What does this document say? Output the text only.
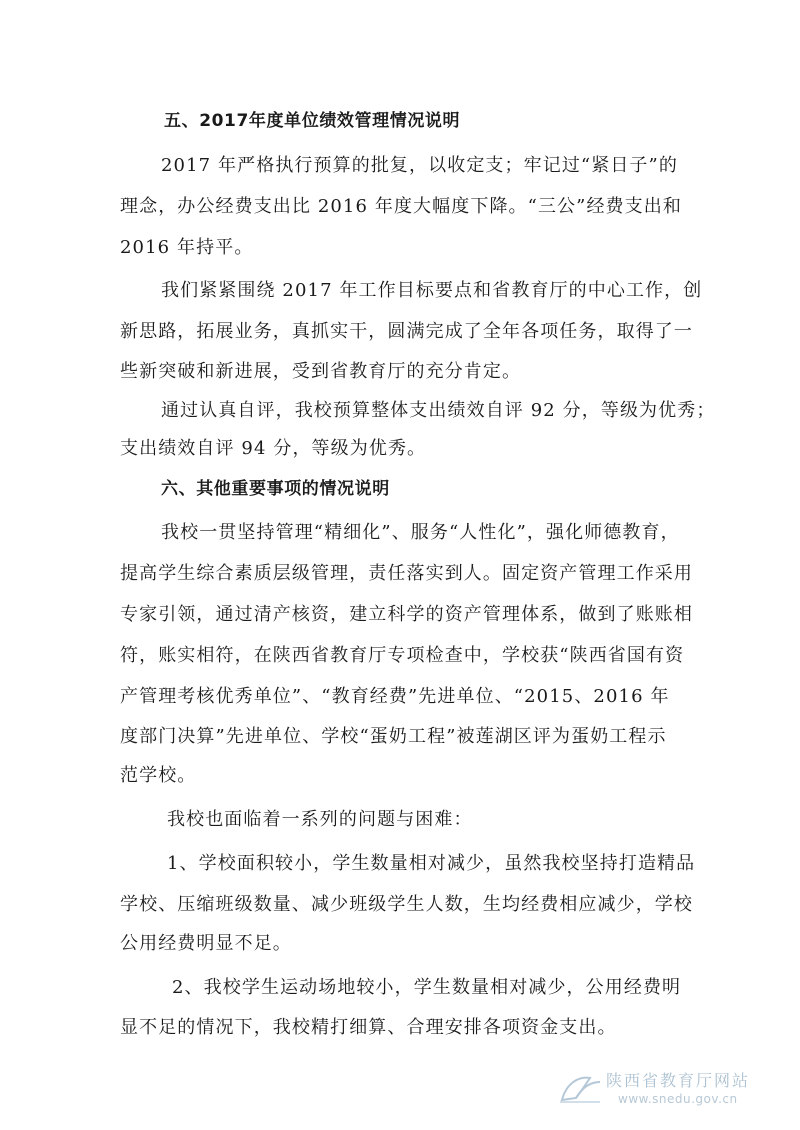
五、2017年度单位绩效管理情况说明
2017 年严格执行预算的批复，以收定支；牢记过“紧日子”的
理念，办公经费支出比 2016 年度大幅度下降。“三公”经费支出和
2016 年持平。
我们紧紧围绕 2017 年工作目标要点和省教育厅的中心工作，创
新思路，拓展业务，真抓实干，圆满完成了全年各项任务，取得了一
些新突破和新进展，受到省教育厅的充分肯定。
通过认真自评，我校预算整体支出绩效自评 92 分，等级为优秀；
支出绩效自评 94 分，等级为优秀。
六、其他重要事项的情况说明
我校一贯坚持管理“精细化”、服务“人性化”，强化师德教育，
提高学生综合素质层级管理，责任落实到人。固定资产管理工作采用
专家引领，通过清产核资，建立科学的资产管理体系，做到了账账相
符，账实相符，在陕西省教育厅专项检查中，学校获“陕西省国有资
产管理考核优秀单位”、“教育经费”先进单位、“2015、2016 年
度部门决算”先进单位、学校“蛋奶工程”被莲湖区评为蛋奶工程示
范学校。
我校也面临着一系列的问题与困难：
1、学校面积较小，学生数量相对减少，虽然我校坚持打造精品
学校、压缩班级数量、减少班级学生人数，生均经费相应减少，学校
公用经费明显不足。
2、我校学生运动场地较小，学生数量相对减少，公用经费明
显不足的情况下，我校精打细算、合理安排各项资金支出。
陕西省教育厅网站
www.snedu.gov.cn
